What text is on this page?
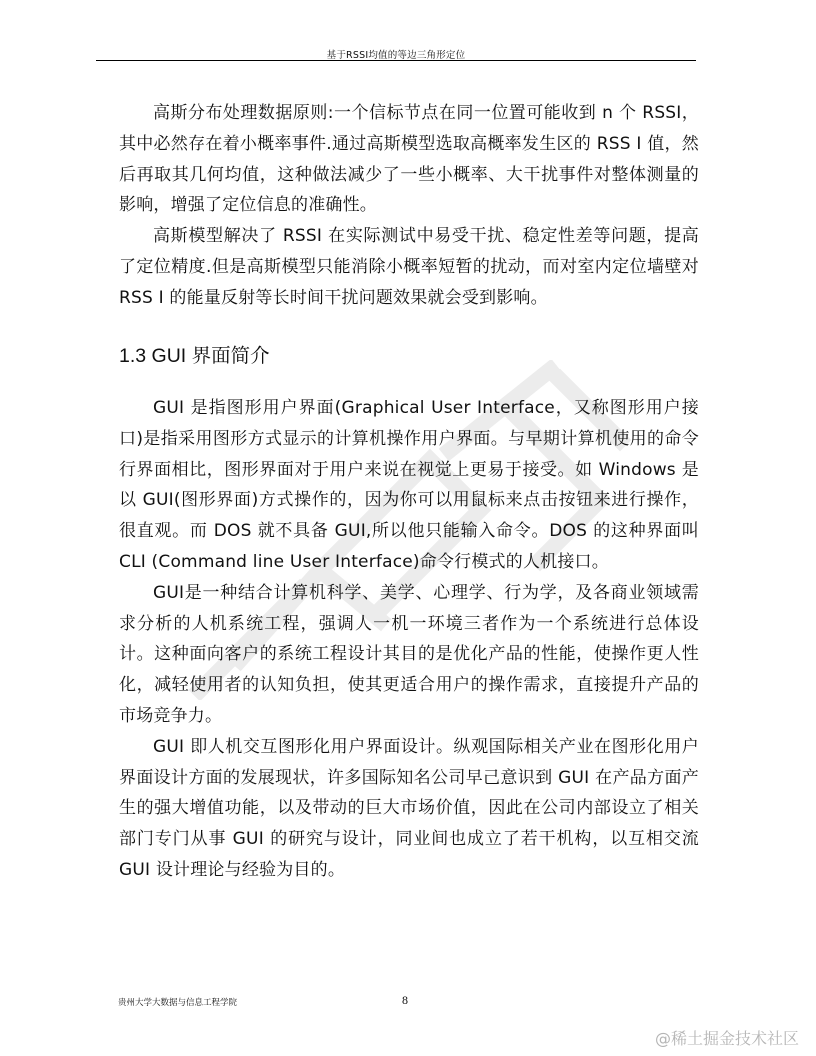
基于RSSI均值的等边三角形定位

高斯分布处理数据原则:一个信标节点在同一位置可能收到 n 个 RSSI，其中必然存在着小概率事件.通过高斯模型选取高概率发生区的 RSS I 值，然后再取其几何均值，这种做法减少了一些小概率、大干扰事件对整体测量的影响，增强了定位信息的准确性。

高斯模型解决了 RSSI 在实际测试中易受干扰、稳定性差等问题，提高了定位精度.但是高斯模型只能消除小概率短暂的扰动，而对室内定位墙壁对 RSS I 的能量反射等长时间干扰问题效果就会受到影响。

1.3 GUI 界面简介

GUI 是指图形用户界面(Graphical User Interface，又称图形用户接口)是指采用图形方式显示的计算机操作用户界面。与早期计算机使用的命令行界面相比，图形界面对于用户来说在视觉上更易于接受。如 Windows 是以 GUI(图形界面)方式操作的，因为你可以用鼠标来点击按钮来进行操作，很直观。而 DOS 就不具备 GUI,所以他只能输入命令。DOS 的这种界面叫 CLI (Command line User Interface)命令行模式的人机接口。

GUI是一种结合计算机科学、美学、心理学、行为学，及各商业领域需求分析的人机系统工程，强调人一机一环境三者作为一个系统进行总体设计。这种面向客户的系统工程设计其目的是优化产品的性能，使操作更人性化，减轻使用者的认知负担，使其更适合用户的操作需求，直接提升产品的市场竞争力。

GUI 即人机交互图形化用户界面设计。纵观国际相关产业在图形化用户界面设计方面的发展现状，许多国际知名公司早己意识到 GUI 在产品方面产生的强大增值功能，以及带动的巨大市场价值，因此在公司内部设立了相关部门专门从事 GUI 的研究与设计，同业间也成立了若干机构，以互相交流 GUI 设计理论与经验为目的。

贵州大学大数据与信息工程学院	8
@稀土掘金技术社区
